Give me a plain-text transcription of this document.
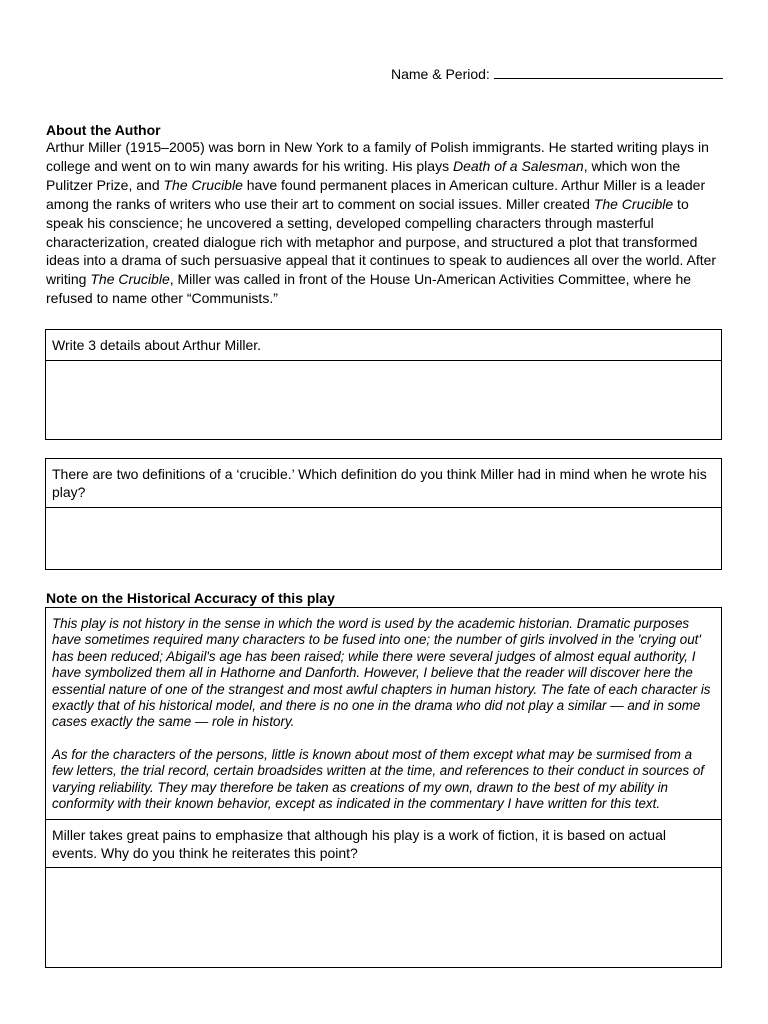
Name & Period:
About the Author
Arthur Miller (1915–2005) was born in New York to a family of Polish immigrants. He started writing plays in college and went on to win many awards for his writing. His plays Death of a Salesman, which won the Pulitzer Prize, and The Crucible have found permanent places in American culture. Arthur Miller is a leader among the ranks of writers who use their art to comment on social issues. Miller created The Crucible to speak his conscience; he uncovered a setting, developed compelling characters through masterful characterization, created dialogue rich with metaphor and purpose, and structured a plot that transformed ideas into a drama of such persuasive appeal that it continues to speak to audiences all over the world. After writing The Crucible, Miller was called in front of the House Un-American Activities Committee, where he refused to name other “Communists.”
Write 3 details about Arthur Miller.
There are two definitions of a ‘crucible.’ Which definition do you think Miller had in mind when he wrote his play?
Note on the Historical Accuracy of this play

This play is not history in the sense in which the word is used by the academic historian. Dramatic purposes have sometimes required many characters to be fused into one; the number of girls involved in the 'crying out' has been reduced; Abigail's age has been raised; while there were several judges of almost equal authority, I have symbolized them all in Hathorne and Danforth. However, I believe that the reader will discover here the essential nature of one of the strangest and most awful chapters in human history. The fate of each character is exactly that of his historical model, and there is no one in the drama who did not play a similar — and in some cases exactly the same — role in history.

As for the characters of the persons, little is known about most of them except what may be surmised from a few letters, the trial record, certain broadsides written at the time, and references to their conduct in sources of varying reliability. They may therefore be taken as creations of my own, drawn to the best of my ability in conformity with their known behavior, except as indicated in the commentary I have written for this text.

Miller takes great pains to emphasize that although his play is a work of fiction, it is based on actual events. Why do you think he reiterates this point?
